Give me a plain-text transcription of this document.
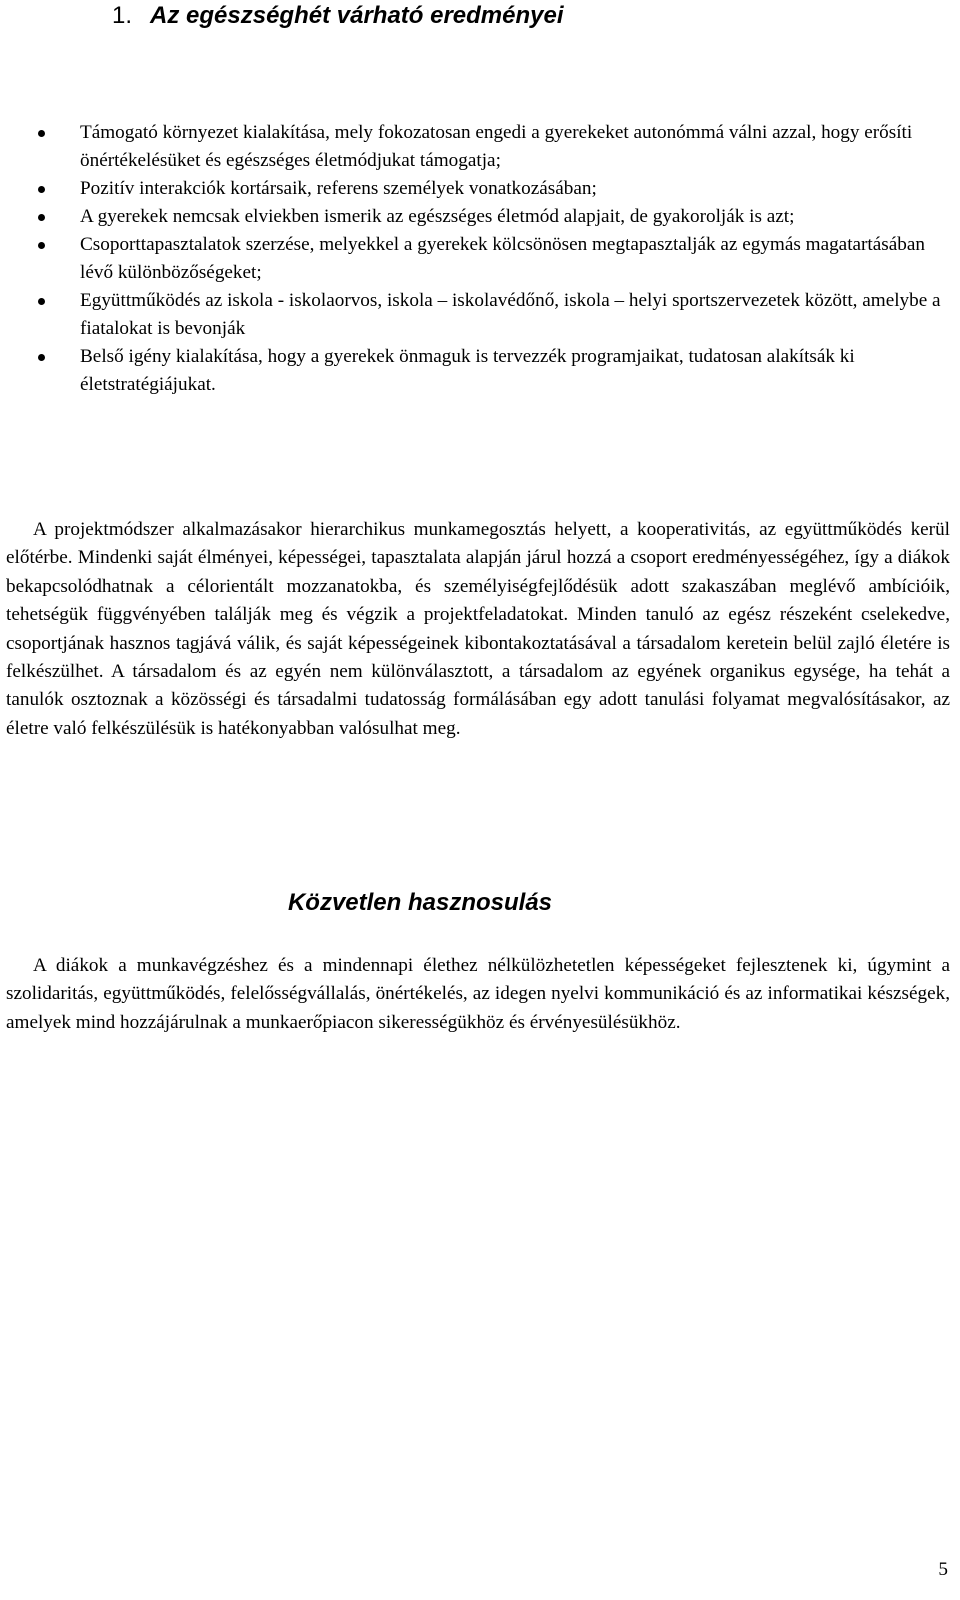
1. Az egészséghét várható eredményei
Támogató környezet kialakítása, mely fokozatosan engedi a gyerekeket autonómmá válni azzal, hogy erősíti önértékelésüket és egészséges életmódjukat támogatja;
Pozitív interakciók kortársaik, referens személyek vonatkozásában;
A gyerekek nemcsak elviekben ismerik az egészséges életmód alapjait, de gyakorolják is azt;
Csoporttapasztalatok szerzése, melyekkel a gyerekek kölcsönösen megtapasztalják az egymás magatartásában lévő különbözőségeket;
Együttműködés az iskola - iskolaorvos, iskola – iskolavédőnő, iskola – helyi sportszervezetek között, amelybe a fiatalokat is bevonják
Belső igény kialakítása, hogy a gyerekek önmaguk is tervezzék programjaikat, tudatosan alakítsák ki életstratégiájukat.

A projektmódszer alkalmazásakor hierarchikus munkamegosztás helyett, a kooperativitás, az együttműködés kerül előtérbe. Mindenki saját élményei, képességei, tapasztalata alapján járul hozzá a csoport eredményességéhez, így a diákok bekapcsolódhatnak a célorientált mozzanatokba, és személyiségfejlődésük adott szakaszában meglévő ambícióik, tehetségük függvényében találják meg és végzik a projektfeladatokat. Minden tanuló az egész részeként cselekedve, csoportjának hasznos tagjává válik, és saját képességeinek kibontakoztatásával a társadalom keretein belül zajló életére is felkészülhet. A társadalom és az egyén nem különválasztott, a társadalom az egyének organikus egysége, ha tehát a tanulók osztoznak a közösségi és társadalmi tudatosság formálásában egy adott tanulási folyamat megvalósításakor, az életre való felkészülésük is hatékonyabban valósulhat meg.

Közvetlen hasznosulás

A diákok a munkavégzéshez és a mindennapi élethez nélkülözhetetlen képességeket fejlesztenek ki, úgymint a szolidaritás, együttműködés, felelősségvállalás, önértékelés, az idegen nyelvi kommunikáció és az informatikai készségek, amelyek mind hozzájárulnak a munkaerőpiacon sikerességükhöz és érvényesülésükhöz.

5
